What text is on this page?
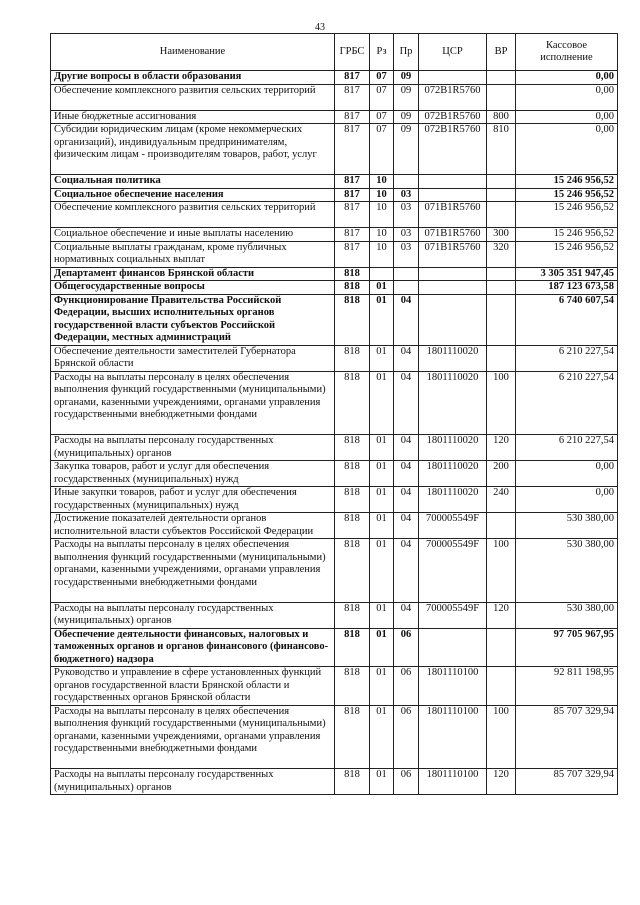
43
Наименование	ГРБС	Рз	Пр	ЦСР	ВР	Кассовое исполнение
Другие вопросы в области образования	817	07	09			0,00
Обеспечение комплексного развития сельских территорий	817	07	09	072B1R5760		0,00
Иные бюджетные ассигнования	817	07	09	072B1R5760	800	0,00
Субсидии юридическим лицам (кроме некоммерческих организаций), индивидуальным предпринимателям, физическим лицам - производителям товаров, работ, услуг	817	07	09	072B1R5760	810	0,00
Социальная политика	817	10				15 246 956,52
Социальное обеспечение населения	817	10	03			15 246 956,52
Обеспечение комплексного развития сельских территорий	817	10	03	071B1R5760		15 246 956,52
Социальное обеспечение и иные выплаты населению	817	10	03	071B1R5760	300	15 246 956,52
Социальные выплаты гражданам, кроме публичных нормативных социальных выплат	817	10	03	071B1R5760	320	15 246 956,52
Департамент финансов Брянской области	818					3 305 351 947,45
Общегосударственные вопросы	818	01				187 123 673,58
Функционирование Правительства Российской Федерации, высших исполнительных органов государственной власти субъектов Российской Федерации, местных администраций	818	01	04			6 740 607,54
Обеспечение деятельности заместителей Губернатора Брянской области	818	01	04	1801110020		6 210 227,54
Расходы на выплаты персоналу в целях обеспечения выполнения функций государственными (муниципальными) органами, казенными учреждениями, органами управления государственными внебюджетными фондами	818	01	04	1801110020	100	6 210 227,54
Расходы на выплаты персоналу государственных (муниципальных) органов	818	01	04	1801110020	120	6 210 227,54
Закупка товаров, работ и услуг для обеспечения государственных (муниципальных) нужд	818	01	04	1801110020	200	0,00
Иные закупки товаров, работ и услуг для обеспечения государственных (муниципальных) нужд	818	01	04	1801110020	240	0,00
Достижение показателей деятельности органов исполнительной власти субъектов Российской Федерации	818	01	04	700005549F		530 380,00
Расходы на выплаты персоналу в целях обеспечения выполнения функций государственными (муниципальными) органами, казенными учреждениями, органами управления государственными внебюджетными фондами	818	01	04	700005549F	100	530 380,00
Расходы на выплаты персоналу государственных (муниципальных) органов	818	01	04	700005549F	120	530 380,00
Обеспечение деятельности финансовых, налоговых и таможенных органов и органов финансового (финансово-бюджетного) надзора	818	01	06			97 705 967,95
Руководство и управление в сфере установленных функций органов государственной власти Брянской области и государственных органов Брянской области	818	01	06	1801110100		92 811 198,95
Расходы на выплаты персоналу в целях обеспечения выполнения функций государственными (муниципальными) органами, казенными учреждениями, органами управления государственными внебюджетными фондами	818	01	06	1801110100	100	85 707 329,94
Расходы на выплаты персоналу государственных (муниципальных) органов	818	01	06	1801110100	120	85 707 329,94
